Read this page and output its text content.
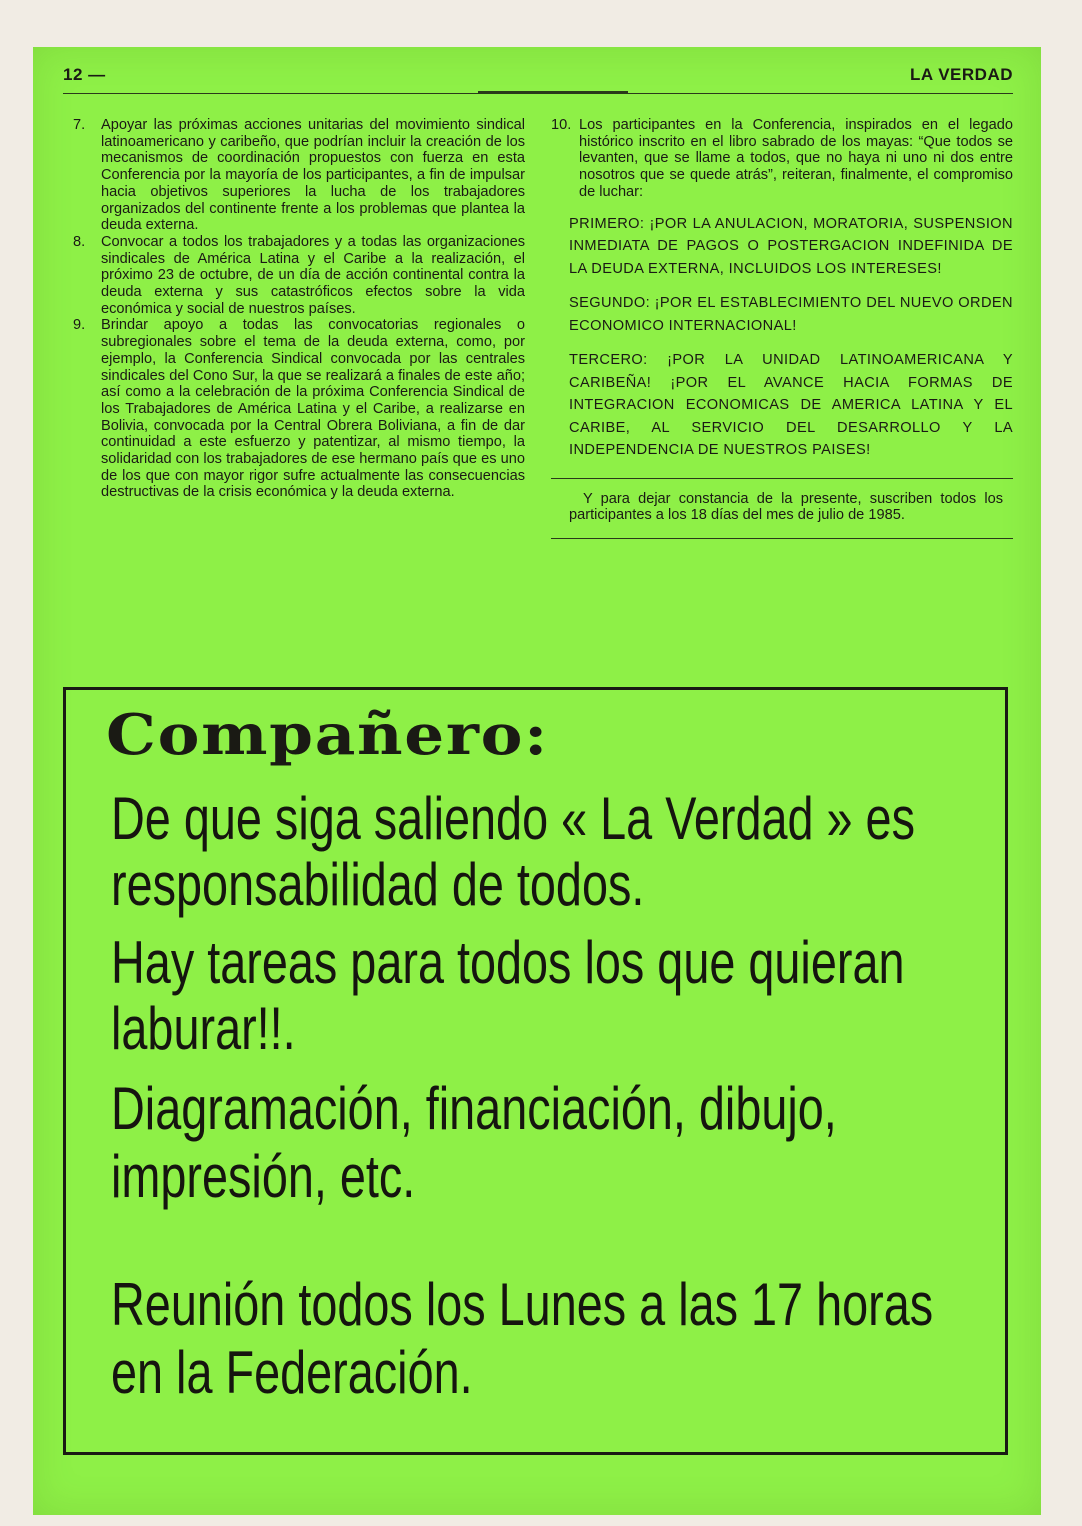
12 —	LA VERDAD
7.	Apoyar las próximas acciones unitarias del movimiento sindical latinoamericano y caribeño, que podrían incluir la creación de los mecanismos de coordinación propuestos con fuerza en esta Conferencia por la mayoría de los participantes, a fin de impulsar hacia objetivos superiores la lucha de los trabajadores organizados del continente frente a los problemas que plantea la deuda externa.
8.	Convocar a todos los trabajadores y a todas las organizaciones sindicales de América Latina y el Caribe a la realización, el próximo 23 de octubre, de un día de acción continental contra la deuda externa y sus catastróficos efectos sobre la vida económica y social de nuestros países.
9.	Brindar apoyo a todas las convocatorias regionales o subregionales sobre el tema de la deuda externa, como, por ejemplo, la Conferencia Sindical convocada por las centrales sindicales del Cono Sur, la que se realizará a finales de este año; así como a la celebración de la próxima Conferencia Sindical de los Trabajadores de América Latina y el Caribe, a realizarse en Bolivia, convocada por la Central Obrera Boliviana, a fin de dar continuidad a este esfuerzo y patentizar, al mismo tiempo, la solidaridad con los trabajadores de ese hermano país que es uno de los que con mayor rigor sufre actualmente las consecuencias destructivas de la crisis económica y la deuda externa.
10. Los participantes en la Conferencia, inspirados en el legado histórico inscrito en el libro sabrado de los mayas: “Que todos se levanten, que se llame a todos, que no haya ni uno ni dos entre nosotros que se quede atrás”, reiteran, finalmente, el compromiso de luchar:
PRIMERO: ¡POR LA ANULACION, MORATORIA, SUSPENSION INMEDIATA DE PAGOS O POSTERGACION INDEFINIDA DE LA DEUDA EXTERNA, INCLUIDOS LOS INTERESES!
SEGUNDO: ¡POR EL ESTABLECIMIENTO DEL NUEVO ORDEN ECONOMICO INTERNACIONAL!
TERCERO: ¡POR LA UNIDAD LATINOAMERICANA Y CARIBEÑA! ¡POR EL AVANCE HACIA FORMAS DE INTEGRACION ECONOMICAS DE AMERICA LATINA Y EL CARIBE, AL SERVICIO DEL DESARROLLO Y LA INDEPENDENCIA DE NUESTROS PAISES!
Y para dejar constancia de la presente, suscriben todos los participantes a los 18 días del mes de julio de 1985.
Compañero:
De que siga saliendo « La Verdad » es
responsabilidad de todos.
Hay tareas para todos los que quieran
laburar!!.
Diagramación, financiación, dibujo,
impresión, etc.
Reunión todos los Lunes a las 17 horas
en la Federación.
